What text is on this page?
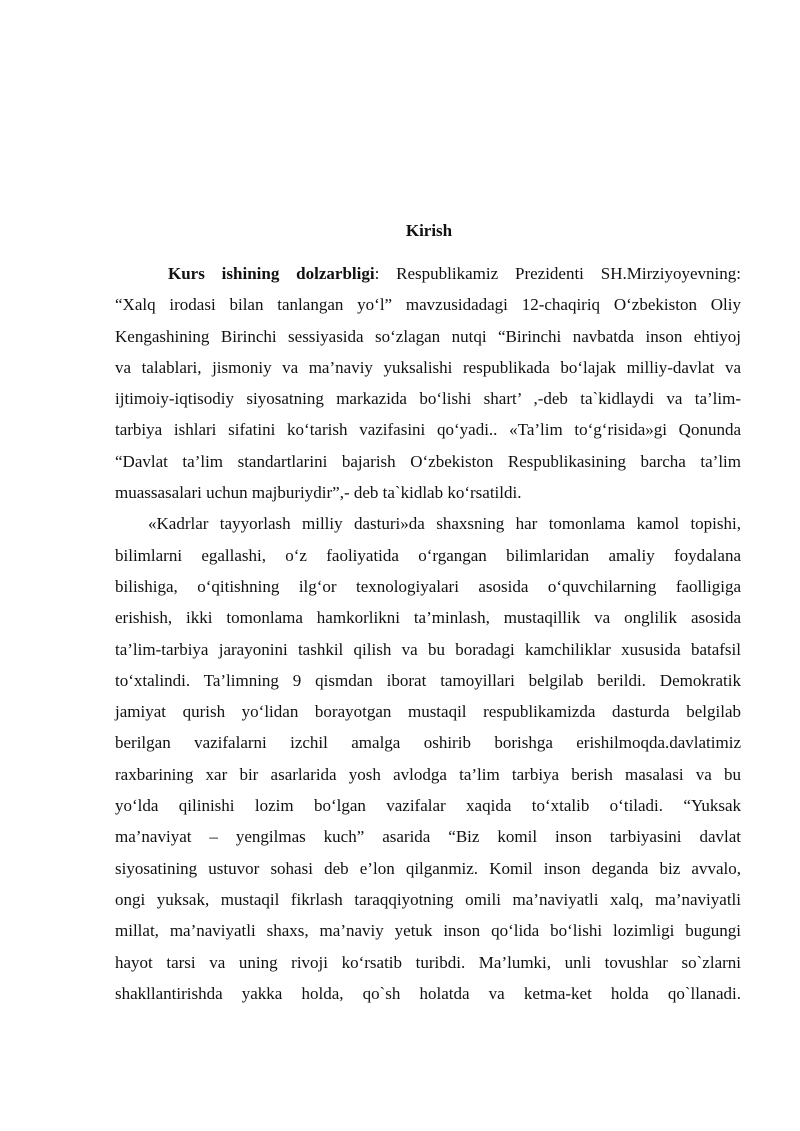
Kirish
Kurs ishining dolzarbligi: Respublikamiz Prezidenti SH.Mirziyoyevning:
“Xalq irodasi bilan tanlangan yo‘l” mavzusidadagi 12-chaqiriq O‘zbekiston Oliy
Kengashining Birinchi sessiyasida so‘zlagan nutqi “Birinchi navbatda inson ehtiyoj
va talablari, jismoniy va ma’naviy yuksalishi respublikada bo‘lajak milliy-davlat va
ijtimoiy-iqtisodiy siyosatning markazida bo‘lishi shart’ ,-deb ta`kidlaydi va ta’lim-
tarbiya ishlari sifatini ko‘tarish vazifasini qo‘yadi.. «Ta’lim to‘g‘risida»gi Qonunda
“Davlat ta’lim standartlarini bajarish O‘zbekiston Respublikasining barcha ta’lim
muassasalari uchun majburiydir”,- deb ta`kidlab ko‘rsatildi.
«Kadrlar tayyorlash milliy dasturi»da shaxsning har tomonlama kamol topishi,
bilimlarni egallashi, o‘z faoliyatida o‘rgangan bilimlaridan amaliy foydalana
bilishiga, o‘qitishning ilg‘or texnologiyalari asosida o‘quvchilarning faolligiga
erishish, ikki tomonlama hamkorlikni ta’minlash, mustaqillik va onglilik asosida
ta’lim-tarbiya jarayonini tashkil qilish va bu boradagi kamchiliklar xususida batafsil
to‘xtalindi. Ta’limning 9 qismdan iborat tamoyillari belgilab berildi. Demokratik
jamiyat qurish yo‘lidan borayotgan mustaqil respublikamizda dasturda belgilab
berilgan vazifalarni izchil amalga oshirib borishga erishilmoqda.davlatimiz
raxbarining xar bir asarlarida yosh avlodga ta’lim tarbiya berish masalasi va bu
yo‘lda qilinishi lozim bo‘lgan vazifalar xaqida to‘xtalib o‘tiladi. “Yuksak
ma’naviyat – yengilmas kuch” asarida “Biz komil inson tarbiyasini davlat
siyosatining ustuvor sohasi deb e’lon qilganmiz. Komil inson deganda biz avvalo,
ongi yuksak, mustaqil fikrlash taraqqiyotning omili ma’naviyatli xalq, ma’naviyatli
millat, ma’naviyatli shaxs, ma’naviy yetuk inson qo‘lida bo‘lishi lozimligi bugungi
hayot tarsi va uning rivoji ko‘rsatib turibdi. Ma’lumki, unli tovushlar so`zlarni
shakllantirishda yakka holda, qo`sh holatda va ketma-ket holda qo`llanadi.
